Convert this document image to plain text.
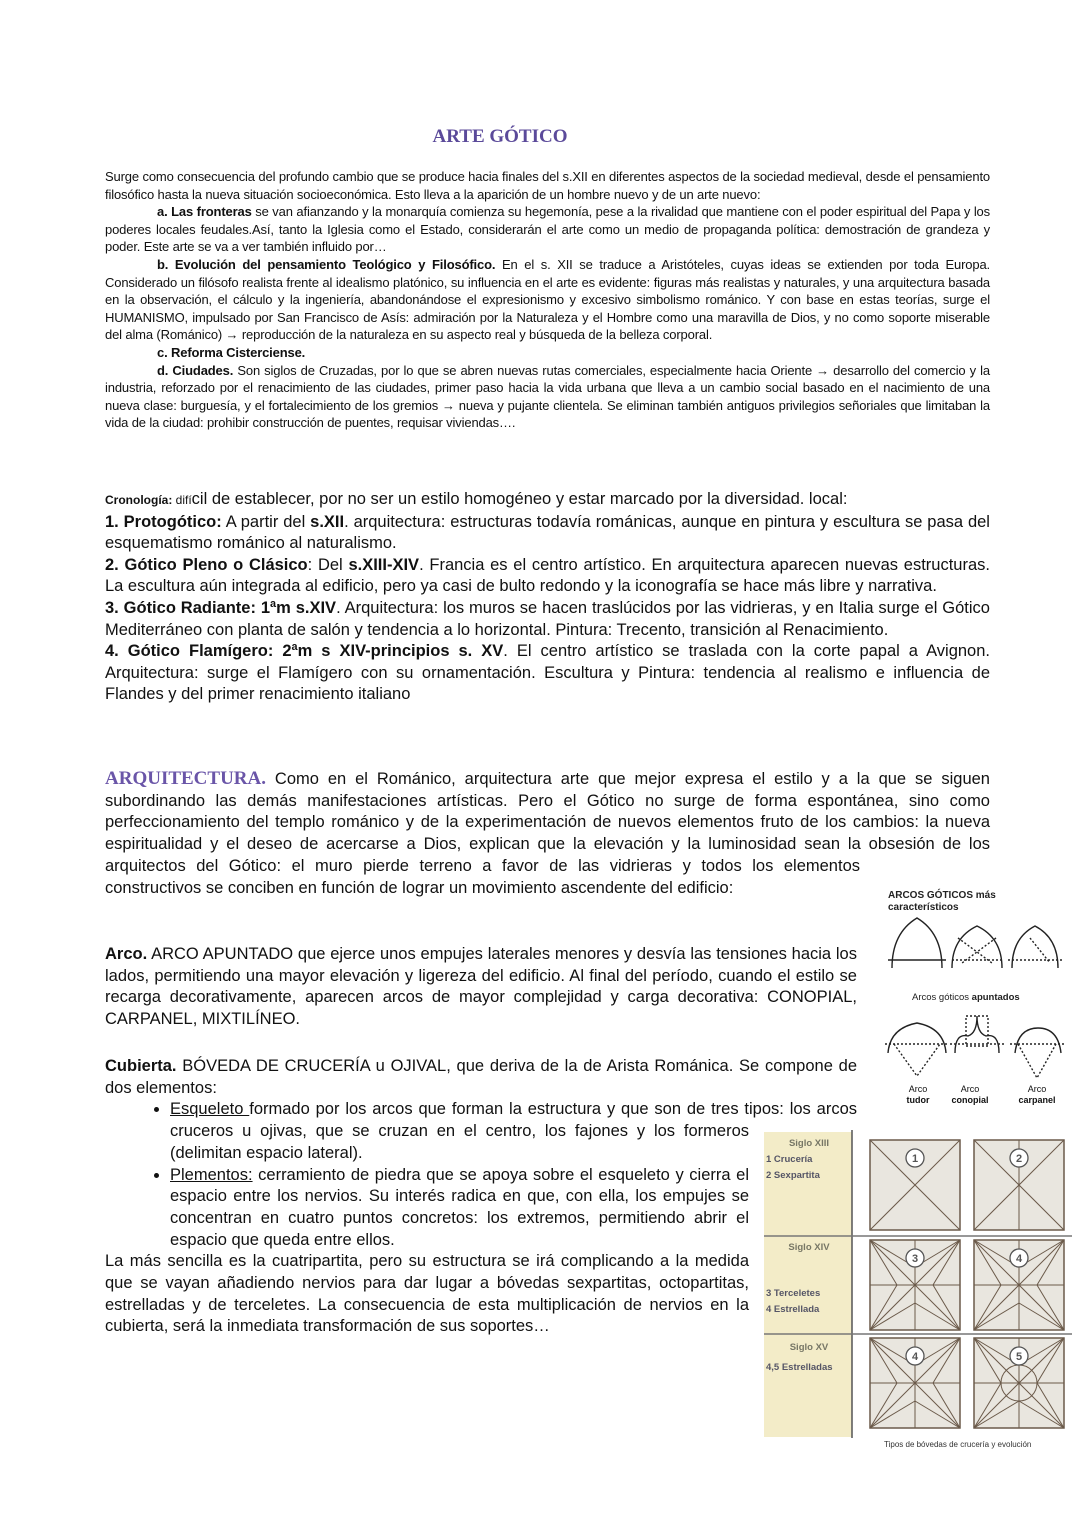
ARTE GÓTICO

Surge como consecuencia del profundo cambio que se produce hacia finales del s.XII en diferentes aspectos de la sociedad medieval, desde el pensamiento filosófico hasta la nueva situación socioeconómica. Esto lleva a la aparición de un hombre nuevo y de un arte nuevo:

a. Las fronteras se van afianzando y la monarquía comienza su hegemonía, pese a la rivalidad que mantiene con el poder espiritual del Papa y los poderes locales feudales.Así, tanto la Iglesia como el Estado, considerarán el arte como un medio de propaganda política: demostración de grandeza y poder. Este arte se va a ver también influido por…

b. Evolución del pensamiento Teológico y Filosófico. En el s. XII se traduce a Aristóteles, cuyas ideas se extienden por toda Europa. Considerado un filósofo realista frente al idealismo platónico, su influencia en el arte es evidente: figuras más realistas y naturales, y una arquitectura basada en la observación, el cálculo y la ingeniería, abandonándose el expresionismo y excesivo simbolismo románico. Y con base en estas teorías, surge el HUMANISMO, impulsado por San Francisco de Asís: admiración por la Naturaleza y el Hombre como una maravilla de Dios, y no como soporte miserable del alma (Románico) → reproducción de la naturaleza en su aspecto real y búsqueda de la belleza corporal.

c. Reforma Cisterciense.

d. Ciudades. Son siglos de Cruzadas, por lo que se abren nuevas rutas comerciales, especialmente hacia Oriente → desarrollo del comercio y la industria, reforzado por el renacimiento de las ciudades, primer paso hacia la vida urbana que lleva a un cambio social basado en el nacimiento de una nueva clase: burguesía, y el fortalecimiento de los gremios → nueva y pujante clientela. Se eliminan también antiguos privilegios señoriales que limitaban la vida de la ciudad: prohibir construcción de puentes, requisar viviendas….

Cronología: difícil de establecer, por no ser un estilo homogéneo y estar marcado por la diversidad. local:

1. Protogótico: A partir del s.XII. arquitectura: estructuras todavía románicas, aunque en pintura y escultura se pasa del esquematismo románico al naturalismo.

2. Gótico Pleno o Clásico: Del s.XIII-XIV. Francia es el centro artístico. En arquitectura aparecen nuevas estructuras. La escultura aún integrada al edificio, pero ya casi de bulto redondo y la iconografía se hace más libre y narrativa.

3. Gótico Radiante: 1ªm s.XIV. Arquitectura: los muros se hacen traslúcidos por las vidrieras, y en Italia surge el Gótico Mediterráneo con planta de salón y tendencia a lo horizontal. Pintura: Trecento, transición al Renacimiento.

4. Gótico Flamígero: 2ªm s XIV-principios s. XV. El centro artístico se traslada con la corte papal a Avignon. Arquitectura: surge el Flamígero con su ornamentación. Escultura y Pintura: tendencia al realismo e influencia de Flandes y del primer renacimiento italiano

ARQUITECTURA. Como en el Románico, arquitectura arte que mejor expresa el estilo y a la que se siguen subordinando las demás manifestaciones artísticas. Pero el Gótico no surge de forma espontánea, sino como perfeccionamiento del templo románico y de la experimentación de nuevos elementos fruto de los cambios: la nueva espiritualidad y el deseo de acercarse a Dios, explican que la elevación y la luminosidad sean la obsesión de los arquitectos del Gótico: el muro pierde terreno a favor de las vidrieras y todos los elementos constructivos se conciben en función de lograr un movimiento ascendente del edificio:
Arco. ARCO APUNTADO que ejerce unos empujes laterales menores y desvía las tensiones hacia los lados, permitiendo una mayor elevación y ligereza del edificio. Al final del período, cuando el estilo se recarga decorativamente, aparecen arcos de mayor complejidad y carga decorativa: CONOPIAL, CARPANEL, MIXTILÍNEO.

Cubierta. BÓVEDA DE CRUCERÍA u OJIVAL, que deriva de la de Arista Románica. Se compone de dos elementos:

• Esqueleto formado por los arcos que forman la estructura y que son de tres tipos: los arcos cruceros u ojivas, que se cruzan en el centro, los fajones y los formeros (delimitan espacio lateral).
• Plementos: cerramiento de piedra que se apoya sobre el esqueleto y cierra el espacio entre los nervios. Su interés radica en que, con ella, los empujes se concentran en cuatro puntos concretos: los extremos, permitiendo abrir el espacio que queda entre ellos.

La más sencilla es la cuatripartita, pero su estructura se irá complicando a la medida que se vayan añadiendo nervios para dar lugar a bóvedas sexpartitas, octopartitas, estrelladas y de terceletes. La consecuencia de esta multiplicación de nervios en la cubierta, será la inmediata transformación de sus soportes…

ARCOS GÓTICOS más característicos
Arcos góticos apuntados
Arco
tudor
Arco
conopial
Arco
carpanel
1	2
3	4
4	5
Siglo XIII
1 Crucería
2 Sexpartita
Siglo XIV
3 Terceletes
4 Estrellada
Siglo XV
4,5 Estrelladas
Tipos de bóvedas de crucería y evolución
